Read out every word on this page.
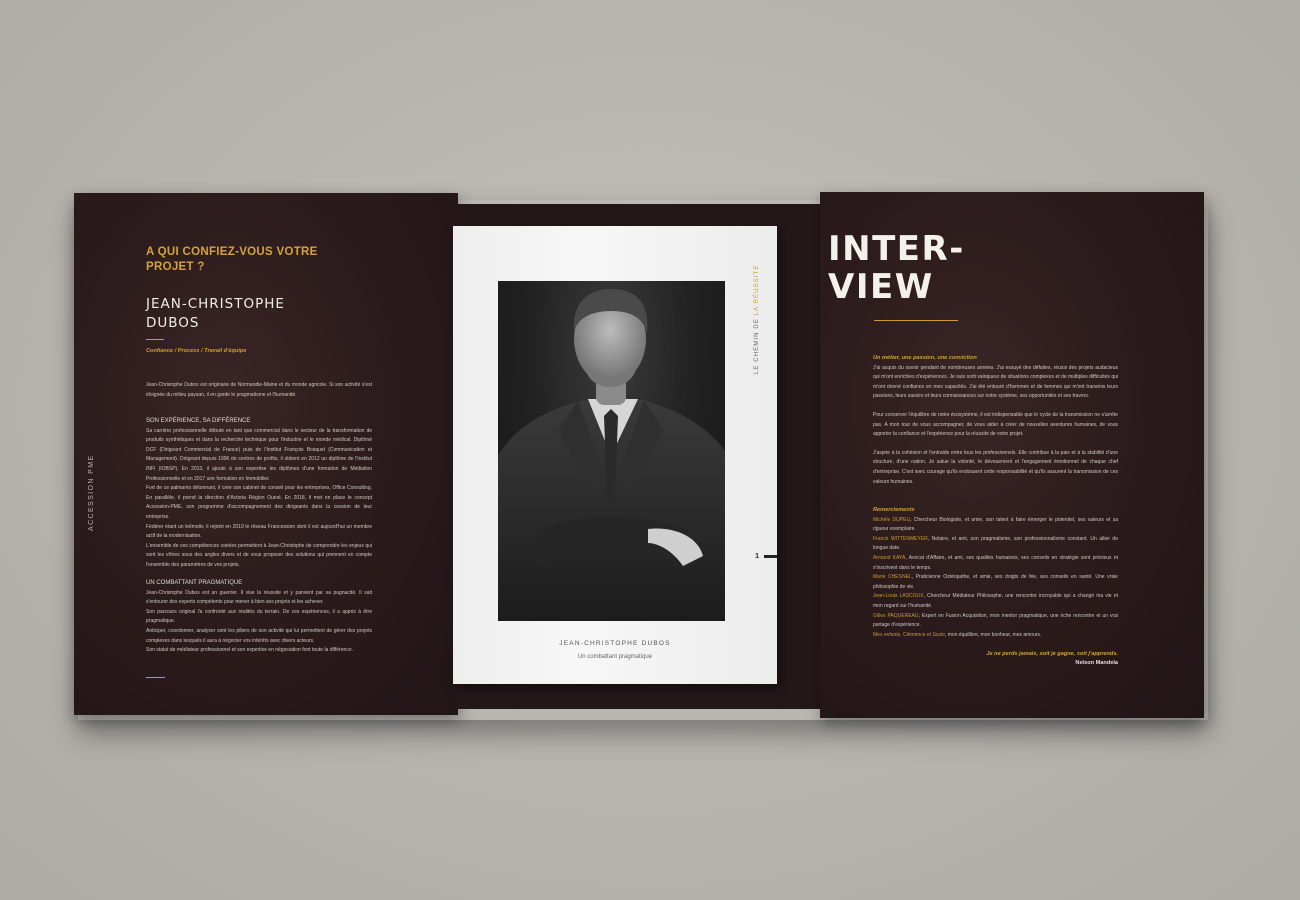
ACCESSION PME
A QUI CONFIEZ-VOUS VOTRE PROJET ?
JEAN-CHRISTOPHE
DUBOS
Confiance / Process / Travail d'équipe

Jean-Christophe Dubos est originaire de Normandie-Maine et du monde agricole. Si son activité s'est éloignée du milieu paysan, il en garde le pragmatisme et l'humanité.

SON EXPÉRIENCE, SA DIFFÉRENCE

Sa carrière professionnelle débute en tant que commercial dans le secteur de la transformation de produits synthétiques et dans la recherche technique pour l'industrie et le monde médical. Diplômé DCF (Dirigeant Commercial de France) puis de l'Institut François Bosquet (Communication et Management). Dirigeant depuis 1996 de centres de profits, il obtient en 2012 un diplôme de l'Institut INFI (IOBSP). En 2013, il ajoute à son expertise les diplômes d'une formation de Médiation Professionnelle et en 2017 une formation en Immobilier.

Fort de ce palmarès détonnant, il crée son cabinet de conseil pour les entreprises, Office Consulting. En parallèle, il prend la direction d'Actoria Région Ouest. En 2018, il met en place le concept Accession-PME, son programme d'accompagnement des dirigeants dans la cession de leur entreprise.

Fédérer étant un leitmotiv, il rejoint en 2019 le réseau Francession dont il est aujourd'hui un membre actif de la modernisation.

L'ensemble de ces compétences variées permettent à Jean-Christophe de comprendre les enjeux qui sont les vôtres sous des angles divers et de vous proposer des solutions qui prennent en compte l'ensemble des paramètres de vos projets.

UN COMBATTANT PRAGMATIQUE

Jean-Christophe Dubos est un guerrier. Il vise la réussite et y parvient par sa pugnacité. Il sait s'entourer des experts compétents pour mener à bien ses projets et les achever.

Son parcours original l'a confronté aux réalités du terrain. De ces expériences, il a appris à être pragmatique.

Anticiper, coordonner, analyser sont les piliers de son activité qui lui permettent de gérer des projets complexes dans lesquels il aura à négocier vos intérêts avec divers acteurs.

Son statut de médiateur professionnel et son expertise en négociation font toute la différence.

INTER-
VIEW

Un métier, une passion, une conviction

J'ai acquis du savoir pendant de nombreuses années. J'ai essuyé des défaites, réussi des projets audacieux qui m'ont enrichies d'expériences. Je suis sorti vainqueur de situations complexes et de multiples difficultés qui m'ont donné confiance en mes capacités. J'ai été entouré d'hommes et de femmes qui m'ont transmis leurs passions, leurs savoirs et leurs connaissances sur notre système, ses opportunités et ses travers.

Pour conserver l'équilibre de notre écosystème, il est indispensable que le cycle de la transmission ne s'arrête pas. A mon tour de vous accompagner, de vous aider à créer de nouvelles aventures humaines, de vous apporter la confiance et l'expérience pour la réussite de votre projet.

J'aspire à la cohésion et l'entraide entre tous les professionnels. Elle contribue à la paix et à la stabilité d'une structure, d'une nation. Je salue la volonté, le dévouement et l'engagement émotionnel de chaque chef d'entreprise. C'est avec courage qu'ils endossent cette responsabilité et qu'ils assurent la transmission de ces valeurs humaines.

Remerciements

Michèle DUPEU, Chercheur Biologiste, et amie, son talent à faire émerger le potentiel, ses valeurs et sa rigueur exemplaire.

Franck WITTENMEYER, Notaire, et ami, son pragmatisme, son professionnalisme constant. Un allier de longue date.

Armand KAYA, Avocat d'Affaire, et ami, ses qualités humaines, ses conseils en stratégie sont précieux et s'inscrivent dans le temps.

Marie CHESNEL, Praticienne Ostéopathe, et amie, ses doigts de fée, ses conseils en santé. Une vraie philosophie de vie.

Jean-Louis LASCOUX, Chercheur Médiateur Philosophe, une rencontre incroyable qui a changé ma vie et mon regard sur l'humanité.

Gilles PAQUEREAU, Expert en Fusion Acquisition, mon mentor pragmatique, une riche rencontre et un vrai partage d'expérience.

Mes enfants, Clémence et Suzie, mon équilibre, mon bonheur, mes amours.

Je ne perds jamais, soit je gagne, soit j'apprends.
Nelson Mandela
LE CHEMIN DE LA RÉUSSITE
1
JEAN-CHRISTOPHE DUBOS
Un combattant pragmatique
